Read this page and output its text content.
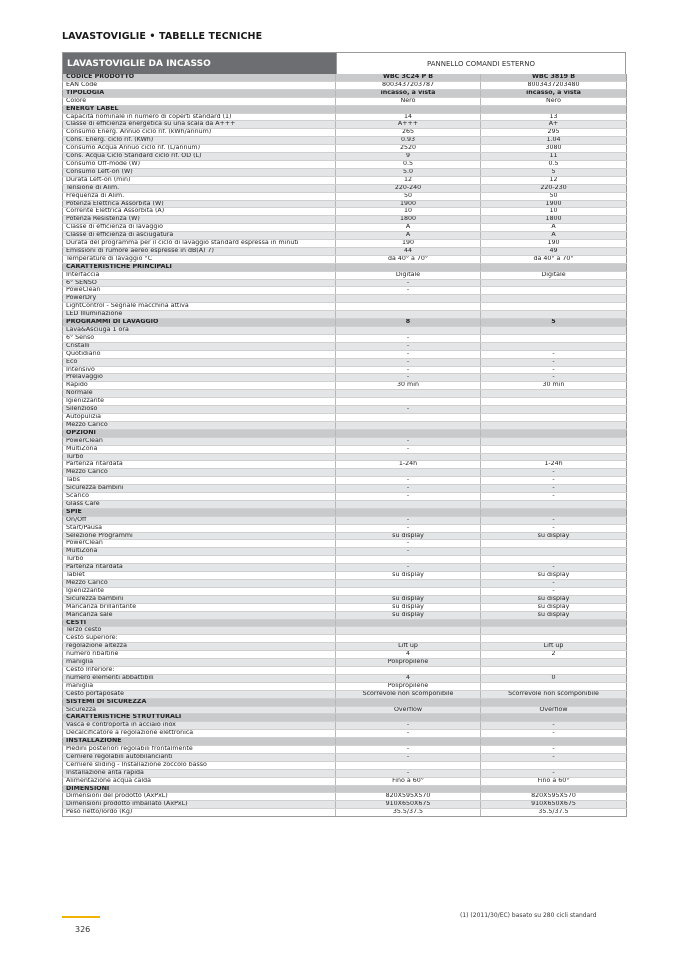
LAVASTOVIGLIE • TABELLE TECNICHE
LAVASTOVIGLIE DA INCASSO	PANNELLO COMANDI ESTERNO
CODICE PRODOTTO	WBC 3C24 P B	WBC 3819 B
EAN Code	8003437203787	8003437203480
TIPOLOGIA	incasso, a vista	incasso, a vista
Colore	Nero	Nero
ENERGY LABEL		
Capacità nominale in numero di coperti standard (1)	14	13
Classe di efficienza energetica su una scala da A+++	A+++	A+
Consumo Energ. Annuo ciclo rif. (kWh/annum)	265	295
Cons. Energ. ciclo rif. (KWh)	0.93	1.04
Consumo Acqua Annuo ciclo rif. (L/annum)	2520	3080
Cons. Acqua Ciclo Standard ciclo rif. OD (L)	9	11
Consumo Off-mode (W)	0.5	0.5
Consumo Left-on (W)	5.0	5
Durata Left-on (min)	12	12
Tensione di Alim.	220-240	220-230
Frequenza di Alim.	50	50
Potenza Elettrica Assorbita (W)	1900	1900
Corrente Elettrica Assorbita (A)	10	10
Potenza Resistenza (W)	1800	1800
Classe di efficienza di lavaggio	A	A
Classe di efficienza di asciugatura	A	A
Durata del programma per il ciclo di lavaggio standard espressa in minuti	190	190
Emissioni di rumore aereo espresse in dB(A) 7)	44	49
Temperature di lavaggio °C	da 40° a 70°	da 40° a 70°
CARATTERISTICHE PRINCIPALI		
Interfaccia	Digitale	Digitale
6° SENSO	-	
PoweClean	-	
PowerDry		
LightControl - Segnale macchina attiva		
LED Illuminazione		
PROGRAMMI DI LAVAGGIO	8	5
Lava&Asciuga 1 ora		
6° Senso	-	
Cristalli	-	
Quotidiano	-	-
Eco	-	-
Intensivo	-	-
Prelavaggio	-	-
Rapido	30 min	30 min
Normale		
Igienizzante		
Silenzioso	-	
Autopulizia		
Mezzo Carico		
OPZIONI		
PowerClean	-	
MultiZona	-	
Turbo		
Partenza ritardata	1-24h	1-24h
Mezzo Carico		-
Tabs	-	-
Sicurezza bambini	-	-
Scarico	-	-
Glass Care		
SPIE		
On/Off	-	-
Start/Pausa	-	-
Selezione Programmi	su display	su display
PowerClean	-	
MultiZona	-	
Turbo		
Partenza ritardata	-	-
Tablet	su display	su display
Mezzo Carico		-
Igienizzante		-
Sicurezza bambini	su display	su display
Mancanza brillantante	su display	su display
Mancanza sale	su display	su display
CESTI		
Terzo cesto		
Cesto superiore:		
regolazione altezza	Lift up	Lift up
numero ribaltine	4	2
maniglia	Polipropilene	
Cesto Inferiore:		
numero elementi abbattibili	4	0
maniglia	Polipropilene	
Cesto portaposate	Scorrevole non scomponibile	Scorrevole non scomponibile
SISTEMI DI SICUREZZA		
Sicurezza	Overflow	Overflow
CARATTERISTICHE STRUTTURALI		
Vasca e controporta in acciaio inox	-	-
Decalcificatore a regolazione elettronica	-	-
INSTALLAZIONE		
Piedini posteriori regolabili frontalmente	-	-
Cerniere regolabili autobilancianti	-	-
Cerniere sliding - Installazione zoccolo basso		
Installazione anta rapida	-	-
Alimentazione acqua calda	Fino a 60°	Fino a 60°
DIMENSIONI		
Dimensioni del prodotto (AxPxL)	820X595X570	820X595X570
Dimensioni prodotto imballato (AxPxL)	910X650X675	910X650X675
Peso netto/lordo (Kg)	35.5/37.5	35.5/37.5
326
(1) (2011/30/EC) basato su 280 cicli standard
